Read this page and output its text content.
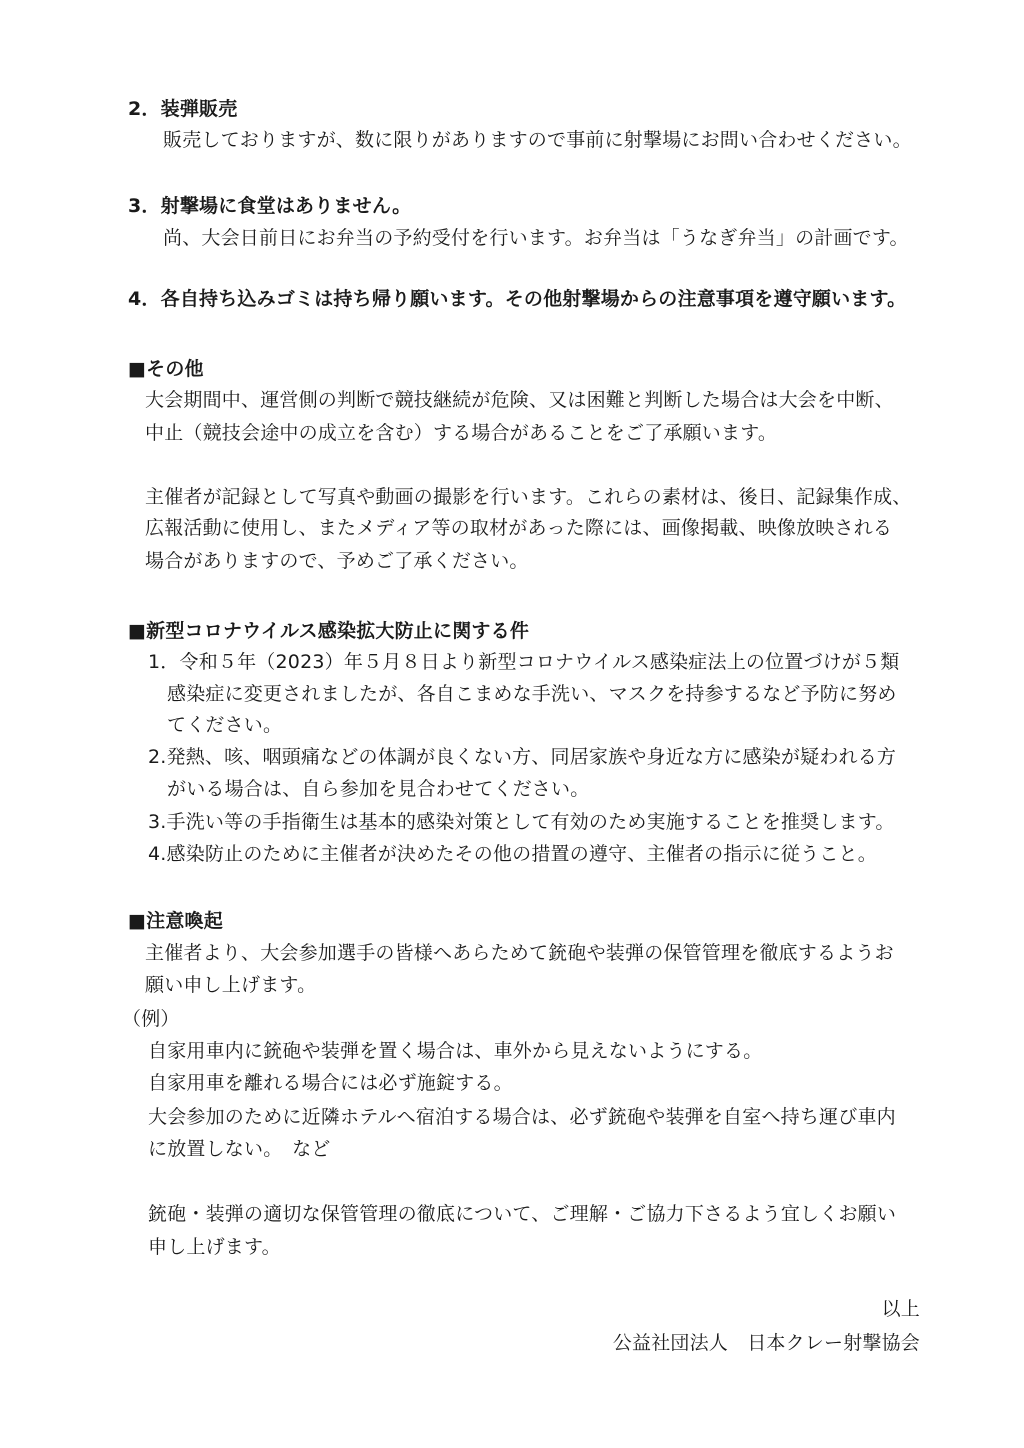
2．装弾販売
販売しておりますが、数に限りがありますので事前に射撃場にお問い合わせください。
3．射撃場に食堂はありません。
尚、大会日前日にお弁当の予約受付を行います。お弁当は「うなぎ弁当」の計画です。
4．各自持ち込みゴミは持ち帰り願います。その他射撃場からの注意事項を遵守願います。
■その他
大会期間中、運営側の判断で競技継続が危険、又は困難と判断した場合は大会を中断、
中止（競技会途中の成立を含む）する場合があることをご了承願います。
主催者が記録として写真や動画の撮影を行います。これらの素材は、後日、記録集作成、
広報活動に使用し、またメディア等の取材があった際には、画像掲載、映像放映される
場合がありますので、予めご了承ください。
■新型コロナウイルス感染拡大防止に関する件
1．令和５年（2023）年５月８日より新型コロナウイルス感染症法上の位置づけが５類
感染症に変更されましたが、各自こまめな手洗い、マスクを持参するなど予防に努め
てください。
2.発熱、咳、咽頭痛などの体調が良くない方、同居家族や身近な方に感染が疑われる方
がいる場合は、自ら参加を見合わせてください。
3.手洗い等の手指衛生は基本的感染対策として有効のため実施することを推奨します。
4.感染防止のために主催者が決めたその他の措置の遵守、主催者の指示に従うこと。
■注意喚起
主催者より、大会参加選手の皆様へあらためて銃砲や装弾の保管管理を徹底するようお
願い申し上げます。
（例）
自家用車内に銃砲や装弾を置く場合は、車外から見えないようにする。
自家用車を離れる場合には必ず施錠する。
大会参加のために近隣ホテルへ宿泊する場合は、必ず銃砲や装弾を自室へ持ち運び車内
に放置しない。　など
銃砲・装弾の適切な保管管理の徹底について、ご理解・ご協力下さるよう宜しくお願い
申し上げます。
以上
公益社団法人　日本クレー射撃協会
